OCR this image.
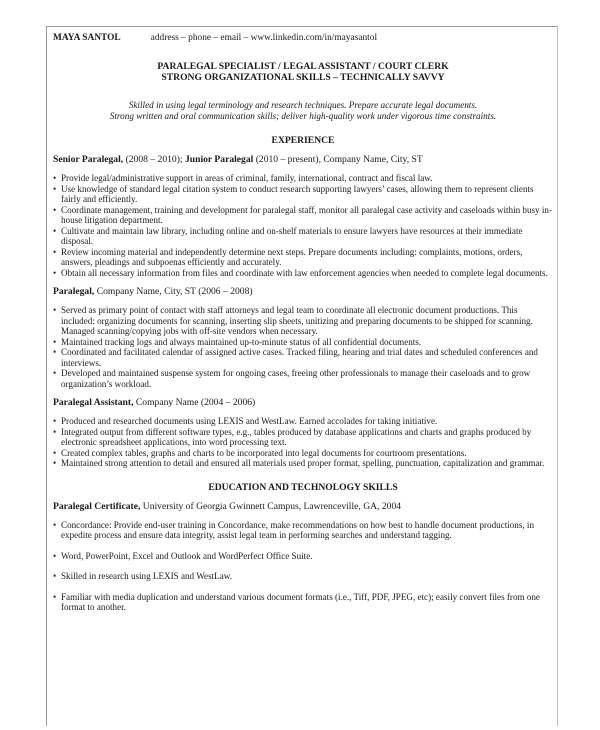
MAYA SANTOL	address – phone – email – www.linkedin.com/in/mayasantol
PARALEGAL SPECIALIST / LEGAL ASSISTANT / COURT CLERK
STRONG ORGANIZATIONAL SKILLS – TECHNICALLY SAVVY
Skilled in using legal terminology and research techniques. Prepare accurate legal documents.
Strong written and oral communication skills; deliver high-quality work under vigorous time constraints.
EXPERIENCE
Senior Paralegal, (2008 – 2010); Junior Paralegal (2010 – present), Company Name, City, ST
• Provide legal/administrative support in areas of criminal, family, international, contract and fiscal law.
• Use knowledge of standard legal citation system to conduct research supporting lawyers’ cases, allowing them to represent clients fairly and efficiently.
• Coordinate management, training and development for paralegal staff, monitor all paralegal case activity and caseloads within busy in-house litigation department.
• Cultivate and maintain law library, including online and on-shelf materials to ensure lawyers have resources at their immediate disposal.
• Review incoming material and independently determine next steps. Prepare documents including: complaints, motions, orders, answers, pleadings and subpoenas efficiently and accurately.
• Obtain all necessary information from files and coordinate with law enforcement agencies when needed to complete legal documents.
Paralegal, Company Name, City, ST (2006 – 2008)
• Served as primary point of contact with staff attorneys and legal team to coordinate all electronic document productions. This included: organizing documents for scanning, inserting slip sheets, unitizing and preparing documents to be shipped for scanning. Managed scanning/copying jobs with off-site vendors when necessary.
• Maintained tracking logs and always maintained up-to-minute status of all confidential documents.
• Coordinated and facilitated calendar of assigned active cases. Tracked filing, hearing and trial dates and scheduled conferences and interviews.
• Developed and maintained suspense system for ongoing cases, freeing other professionals to manage their caseloads and to grow organization’s workload.
Paralegal Assistant, Company Name (2004 – 2006)
• Produced and researched documents using LEXIS and WestLaw. Earned accolades for taking initiative.
• Integrated output from different software types, e.g., tables produced by database applications and charts and graphs produced by electronic spreadsheet applications, into word processing text.
• Created complex tables, graphs and charts to be incorporated into legal documents for courtroom presentations.
• Maintained strong attention to detail and ensured all materials used proper format, spelling, punctuation, capitalization and grammar.
EDUCATION AND TECHNOLOGY SKILLS
Paralegal Certificate, University of Georgia Gwinnett Campus, Lawrenceville, GA, 2004
• Concordance: Provide end-user training in Concordance, make recommendations on how best to handle document productions, in expedite process and ensure data integrity, assist legal team in performing searches and understand tagging.
• Word, PowerPoint, Excel and Outlook and WordPerfect Office Suite.
• Skilled in research using LEXIS and WestLaw.
• Familiar with media duplication and understand various document formats (i.e., Tiff, PDF, JPEG, etc); easily convert files from one format to another.
